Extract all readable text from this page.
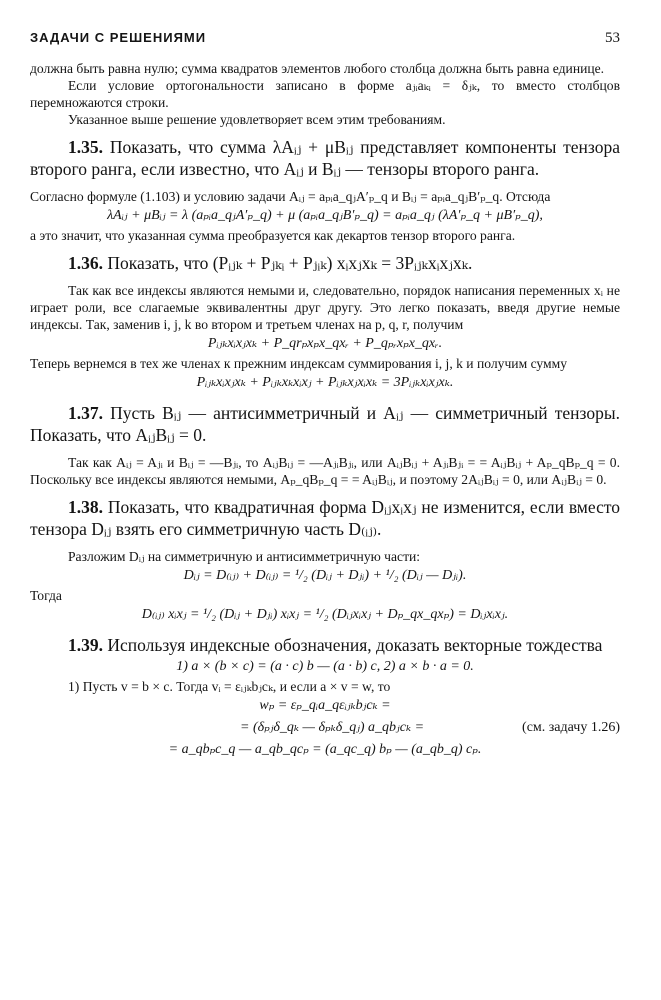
ЗАДАЧИ С РЕШЕНИЯМИ	53

должна быть равна нулю; сумма квадратов элементов любого столбца должна быть равна единице.

Если условие ортогональности записано в форме aⱼᵢaₖᵢ = δⱼₖ, то вместо столбцов перемножаются строки.

Указанное выше решение удовлетворяет всем этим требованиям.

1.35. Показать, что сумма λAᵢⱼ + μBᵢⱼ представляет компоненты тензора второго ранга, если известно, что Aᵢⱼ и Bᵢⱼ — тензоры второго ранга.

Согласно формуле (1.103) и условию задачи Aᵢⱼ = aₚᵢa_qⱼA′ₚ_q и Bᵢⱼ = aₚᵢa_qⱼB′ₚ_q. Отсюда

λAᵢⱼ + μBᵢⱼ = λ (aₚᵢa_qⱼA′ₚ_q) + μ (aₚᵢa_qⱼB′ₚ_q) = aₚᵢa_qⱼ (λA′ₚ_q + μB′ₚ_q),

а это значит, что указанная сумма преобразуется как декартов тензор второго ранга.

1.36. Показать, что (Pᵢⱼₖ + Pⱼₖᵢ + Pⱼᵢₖ) xᵢxⱼxₖ = 3Pᵢⱼₖxᵢxⱼxₖ.

Так как все индексы являются немыми и, следовательно, порядок написания переменных xᵢ не играет роли, все слагаемые эквивалентны друг другу. Это легко показать, введя другие немые индексы. Так, заменив i, j, k во втором и третьем членах на p, q, r, получим

Pᵢⱼₖxᵢxⱼxₖ + P_qrₚxₚx_qxᵣ + P_qₚᵣxₚx_qxᵣ.

Теперь вернемся в тех же членах к прежним индексам суммирования i, j, k и получим сумму

Pᵢⱼₖxᵢxⱼxₖ + Pᵢⱼₖxₖxᵢxⱼ + Pᵢⱼₖxⱼxᵢxₖ = 3Pᵢⱼₖxᵢxⱼxₖ.

1.37. Пусть Bᵢⱼ — антисимметричный и Aᵢⱼ — симметричный тензоры. Показать, что AᵢⱼBᵢⱼ = 0.

Так как Aᵢⱼ = Aⱼᵢ и Bᵢⱼ = —Bⱼᵢ, то AᵢⱼBᵢⱼ = —AⱼᵢBⱼᵢ, или AᵢⱼBᵢⱼ + AⱼᵢBⱼᵢ = = AᵢⱼBᵢⱼ + Aₚ_qBₚ_q = 0. Поскольку все индексы являются немыми, Aₚ_qBₚ_q = = AᵢⱼBᵢⱼ, и поэтому 2AᵢⱼBᵢⱼ = 0, или AᵢⱼBᵢⱼ = 0.

1.38. Показать, что квадратичная форма Dᵢⱼxᵢxⱼ не изменится, если вместо тензора Dᵢⱼ взять его симметричную часть D₍ᵢⱼ₎.

Разложим Dᵢⱼ на симметричную и антисимметричную части:

Dᵢⱼ = D₍ᵢⱼ₎ + D₍ᵢⱼ₎ = ¹/₂ (Dᵢⱼ + Dⱼᵢ) + ¹/₂ (Dᵢⱼ — Dⱼᵢ).

Тогда

D₍ᵢⱼ₎ xᵢxⱼ = ¹/₂ (Dᵢⱼ + Dⱼᵢ) xᵢxⱼ = ¹/₂ (Dᵢⱼxᵢxⱼ + Dₚ_qx_qxₚ) = Dᵢⱼxᵢxⱼ.

1.39. Используя индексные обозначения, доказать векторные тождества

1) a × (b × c) = (a · c) b — (a · b) c, 2) a × b · a = 0.

1) Пусть v = b × c. Тогда vᵢ = εᵢⱼₖbⱼcₖ, и если a × v = w, то

wₚ = εₚ_qᵢa_qεᵢⱼₖbⱼcₖ =

= (δₚⱼδ_qₖ — δₚₖδ_qⱼ) a_qbⱼcₖ =	(см. задачу 1.26)

= a_qbₚc_q — a_qb_qcₚ = (a_qc_q) bₚ — (a_qb_q) cₚ.
